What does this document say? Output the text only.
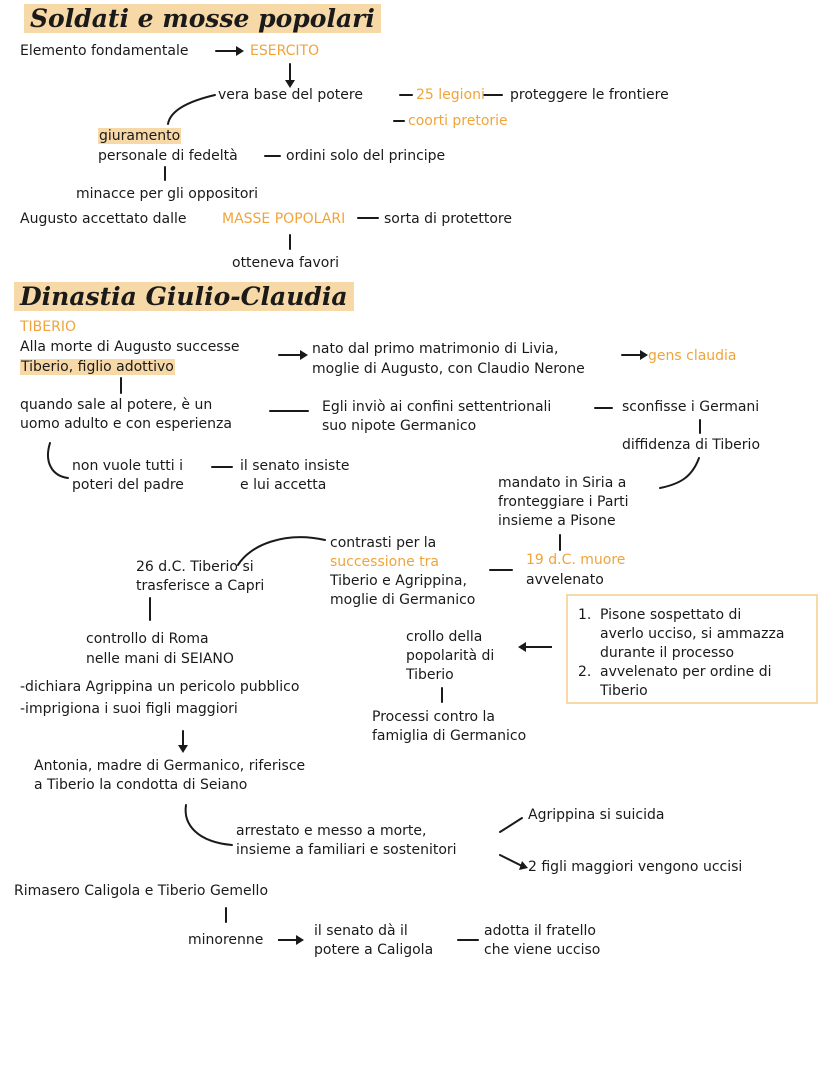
Soldati e mosse popolari
Elemento fondamentale	ESERCITO
vera base del potere	25 legioni proteggere le frontiere
coorti pretorie
giuramento
personale di fedeltà	ordini solo del principe
minacce per gli oppositori
Augusto accettato dalle	MASSE POPOLARI	sorta di protettore
otteneva favori
Dinastia Giulio-Claudia
TIBERIO
Alla morte di Augusto successe
Tiberio, figlio adottivo
nato dal primo matrimonio di Livia,
moglie di Augusto, con Claudio Nerone
gens claudia
quando sale al potere, è un
uomo adulto e con esperienza
Egli inviò ai confini settentrionali
suo nipote Germanico
sconfisse i Germani
diffidenza di Tiberio
non vuole tutti i
poteri del padre
il senato insiste
e lui accetta	mandato in Siria a
fronteggiare i Parti
insieme a Pisone
contrasti per la
successione tra
Tiberio e Agrippina,
moglie di Germanico
26 d.C. Tiberio si
trasferisce a Capri
19 d.C. muore
avvelenato
1. Pisone sospettato di
averlo ucciso, si ammazza
durante il processo
2. avvelenato per ordine di
Tiberio
controllo di Roma
nelle mani di SEIANO
crollo della
popolarità di
Tiberio
-dichiara Agrippina un pericolo pubblico
-imprigiona i suoi figli maggiori	Processi contro la
famiglia di Germanico
Antonia, madre di Germanico, riferisce
a Tiberio la condotta di Seiano
arrestato e messo a morte,
insieme a familiari e sostenitori
Agrippina si suicida
2 figli maggiori vengono uccisi
Rimasero Caligola e Tiberio Gemello
minorenne
il senato dà il
potere a Caligola
adotta il fratello
che viene ucciso
